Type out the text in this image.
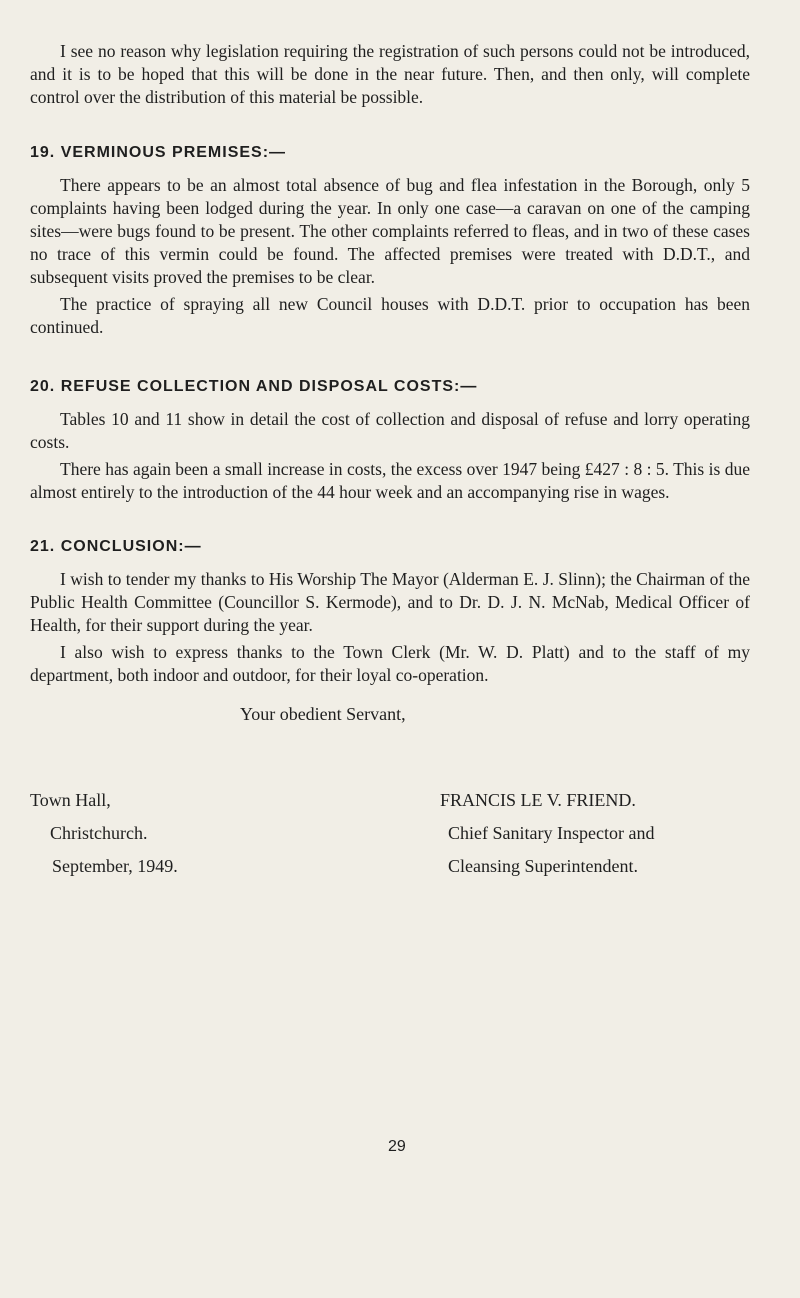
I see no reason why legislation requiring the registration of such persons could not be introduced, and it is to be hoped that this will be done in the near future. Then, and then only, will complete control over the distribution of this material be possible.

19. VERMINOUS PREMISES:—

There appears to be an almost total absence of bug and flea infestation in the Borough, only 5 complaints having been lodged during the year. In only one case—a caravan on one of the camping sites—were bugs found to be present. The other complaints referred to fleas, and in two of these cases no trace of this vermin could be found. The affected premises were treated with D.D.T., and subsequent visits proved the premises to be clear.

The practice of spraying all new Council houses with D.D.T. prior to occupation has been continued.

20. REFUSE COLLECTION AND DISPOSAL COSTS:—

Tables 10 and 11 show in detail the cost of collection and disposal of refuse and lorry operating costs.

There has again been a small increase in costs, the excess over 1947 being £427 : 8 : 5. This is due almost entirely to the introduction of the 44 hour week and an accompanying rise in wages.

21. CONCLUSION:—

I wish to tender my thanks to His Worship The Mayor (Alderman E. J. Slinn); the Chairman of the Public Health Committee (Councillor S. Kermode), and to Dr. D. J. N. McNab, Medical Officer of Health, for their support during the year.

I also wish to express thanks to the Town Clerk (Mr. W. D. Platt) and to the staff of my department, both indoor and outdoor, for their loyal co-operation.

Your obedient Servant,
Town Hall,
Christchurch.
September, 1949.
FRANCIS LE V. FRIEND.
Chief Sanitary Inspector and
Cleansing Superintendent.
29
